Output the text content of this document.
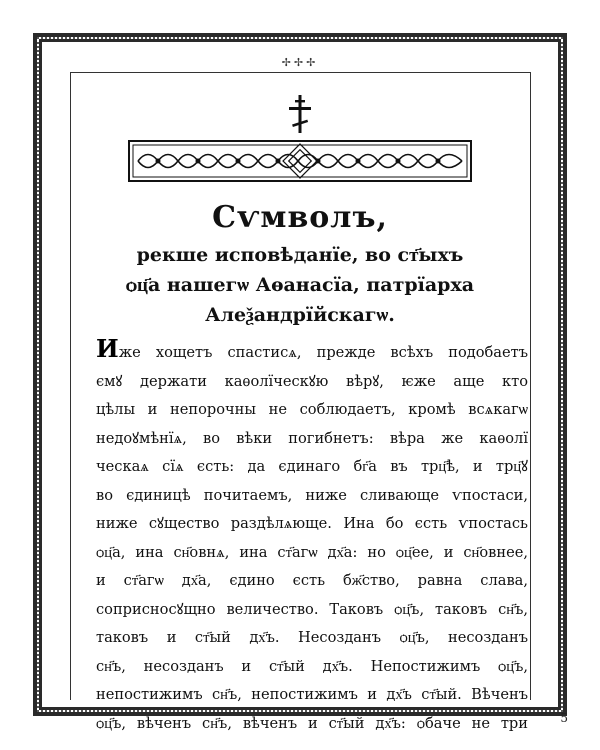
✢✢✢
Сѵмволъ,
рекше исповѣданїе, во ст҃ыхъ
ѻц҃а нашегѡ Аѳанасїа, патрїарха
Алеѯандрїйскагѡ.
Иже хощетъ спастисѧ, прежде всѣхъ подобаетъ
ємꙋ держати каѳолїческꙋю вѣрꙋ, ѥже аще кто
цѣлы и непорочны не соблюдаетъ, кромѣ всѧкагѡ
недоꙋмѣнїѧ, во вѣки погибнетъ: вѣра же каѳолї
ческаѧ сїѧ єсть: да єдинаго бг҃а въ трц҃ѣ, и трц҃ꙋ
во єдиницѣ почитаемъ, ниже сливающе ѵпостаси,
ниже сꙋщество раздѣлѧюще. Ина бо єсть ѵпостась
ѻц҃а, ина сн҃овнѧ, ина ст҃агѡ дх҃а: но ѻц҃ее, и сн҃овнее,
и ст҃агѡ дх҃а, єдино єсть бж҃ство, равна слава,
соприсносꙋщно величество. Таковъ ѻц҃ъ, таковъ сн҃ъ,
таковъ и ст҃ый дх҃ъ. Несозданъ ѻц҃ъ, несозданъ
сн҃ъ, несозданъ и ст҃ый дх҃ъ. Непостижимъ ѻц҃ъ,
непостижимъ сн҃ъ, непостижимъ и дх҃ъ ст҃ый. Вѣченъ
ѻц҃ъ, вѣченъ сн҃ъ, вѣченъ и ст҃ый дх҃ъ: ѻбаче не три	5
